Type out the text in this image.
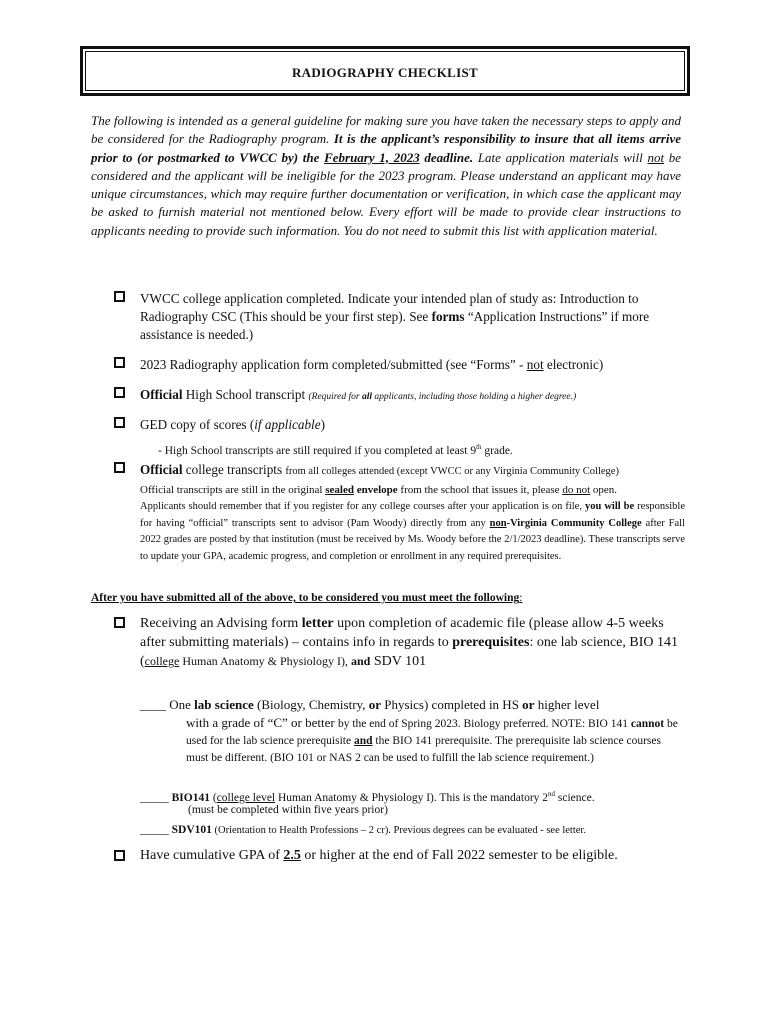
RADIOGRAPHY CHECKLIST
The following is intended as a general guideline for making sure you have taken the necessary steps to apply and be considered for the Radiography program. It is the applicant’s responsibility to insure that all items arrive prior to (or postmarked to VWCC by) the February 1, 2023 deadline. Late application materials will not be considered and the applicant will be ineligible for the 2023 program. Please understand an applicant may have unique circumstances, which may require further documentation or verification, in which case the applicant may be asked to furnish material not mentioned below. Every effort will be made to provide clear instructions to applicants needing to provide such information. You do not need to submit this list with application material.
VWCC college application completed. Indicate your intended plan of study as: Introduction to Radiography CSC (This should be your first step). See forms “Application Instructions” if more assistance is needed.)
2023 Radiography application form completed/submitted (see “Forms” - not electronic)
Official High School transcript (Required for all applicants, including those holding a higher degree.)
GED copy of scores (if applicable)
- High School transcripts are still required if you completed at least 9th grade.
Official college transcripts from all colleges attended (except VWCC or any Virginia Community College)
Official transcripts are still in the original sealed envelope from the school that issues it, please do not open.
Applicants should remember that if you register for any college courses after your application is on file, you will be responsible for having “official” transcripts sent to advisor (Pam Woody) directly from any non-Virginia Community College after Fall 2022 grades are posted by that institution (must be received by Ms. Woody before the 2/1/2023 deadline). These transcripts serve to update your GPA, academic progress, and completion or enrollment in any required prerequisites.
After you have submitted all of the above, to be considered you must meet the following:
Receiving an Advising form letter upon completion of academic file (please allow 4-5 weeks after submitting materials) – contains info in regards to prerequisites: one lab science, BIO 141 (college Human Anatomy & Physiology I), and SDV 101
____ One lab science (Biology, Chemistry, or Physics) completed in HS or higher level
with a grade of “C” or better by the end of Spring 2023. Biology preferred. NOTE: BIO 141 cannot be used for the lab science prerequisite and the BIO 141 prerequisite. The prerequisite lab science courses must be different. (BIO 101 or NAS 2 can be used to fulfill the lab science requirement.)
_____ BIO141 (college level Human Anatomy & Physiology I). This is the mandatory 2nd science.
(must be completed within five years prior)
_____ SDV101 (Orientation to Health Professions – 2 cr). Previous degrees can be evaluated - see letter.
Have cumulative GPA of 2.5 or higher at the end of Fall 2022 semester to be eligible.
